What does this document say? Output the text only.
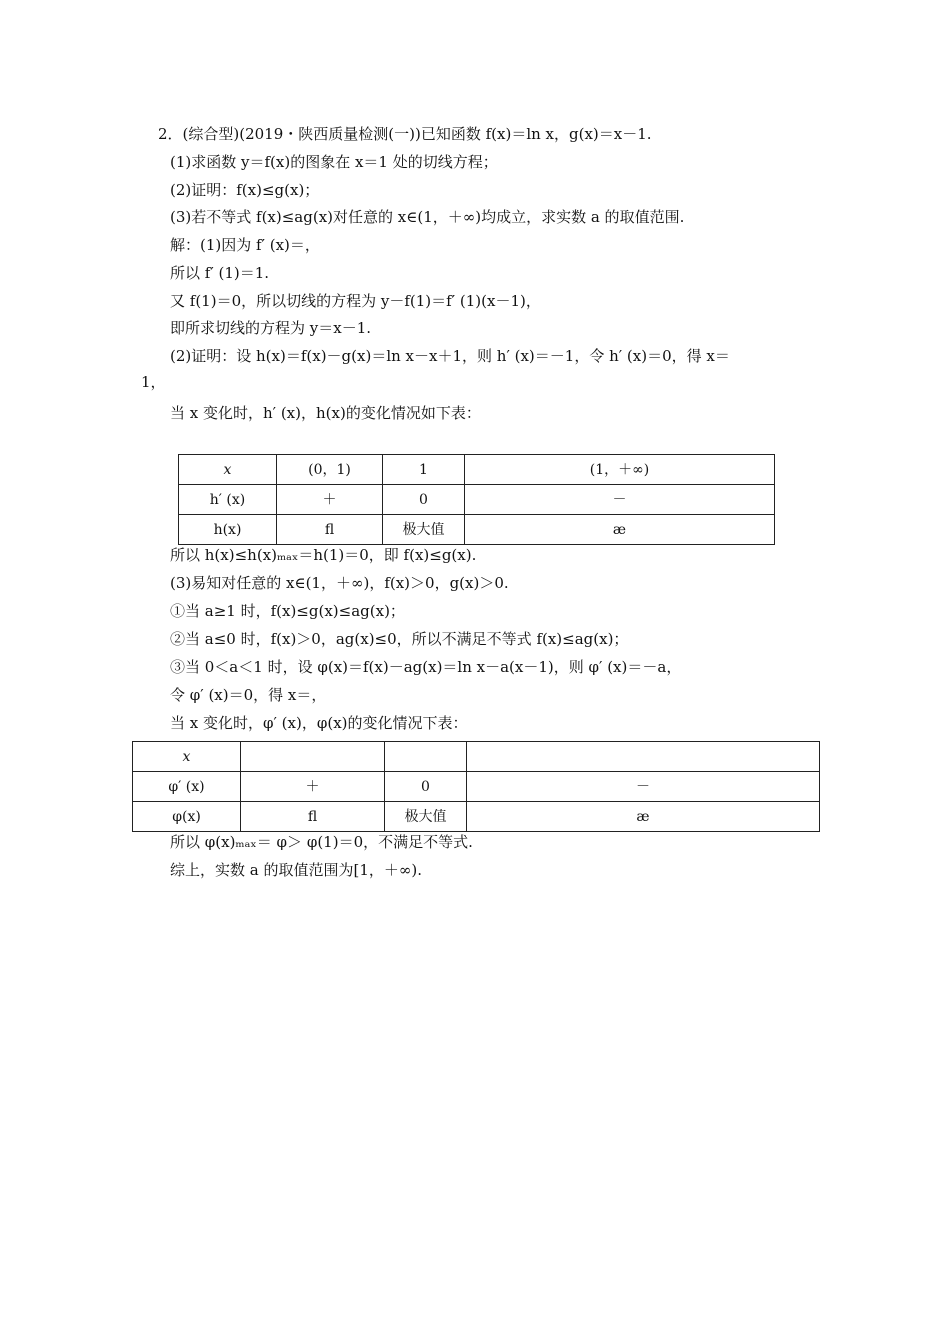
2．(综合型)(2019・陕西质量检测(一))已知函数 f(x)＝ln x，g(x)＝x－1.
(1)求函数 y＝f(x)的图象在 x＝1 处的切线方程；
(2)证明：f(x)≤g(x)；
(3)若不等式 f(x)≤ag(x)对任意的 x∈(1，＋∞)均成立，求实数 a 的取值范围.
解：(1)因为 f′ (x)＝，
所以 f′ (1)＝1.
又 f(1)＝0，所以切线的方程为 y－f(1)＝f′ (1)(x－1)，
即所求切线的方程为 y＝x－1.
(2)证明：设 h(x)＝f(x)－g(x)＝ln x－x＋1，则 h′ (x)＝－1，令 h′ (x)＝0，得 x＝
1，
当 x 变化时，h′ (x)，h(x)的变化情况如下表：
x	(0，1)	1	(1，＋∞)
h′ (x)	＋	0	－
h(x)	ﬂ	极大值	æ
所以 h(x)≤h(x)ₘₐₓ＝h(1)＝0，即 f(x)≤g(x).
(3)易知对任意的 x∈(1，＋∞)，f(x)＞0，g(x)＞0.
①当 a≥1 时，f(x)≤g(x)≤ag(x)；
②当 a≤0 时，f(x)＞0，ag(x)≤0，所以不满足不等式 f(x)≤ag(x)；
③当 0＜a＜1 时，设 φ(x)＝f(x)－ag(x)＝ln x－a(x－1)，则 φ′ (x)＝－a，
令 φ′ (x)＝0，得 x＝，
当 x 变化时，φ′ (x)，φ(x)的变化情况下表：
x			
φ′ (x)	＋	0	－
φ(x)	ﬂ	极大值	æ
所以 φ(x)ₘₐₓ＝ φ＞ φ(1)＝0，不满足不等式.
综上，实数 a 的取值范围为[1，＋∞).
